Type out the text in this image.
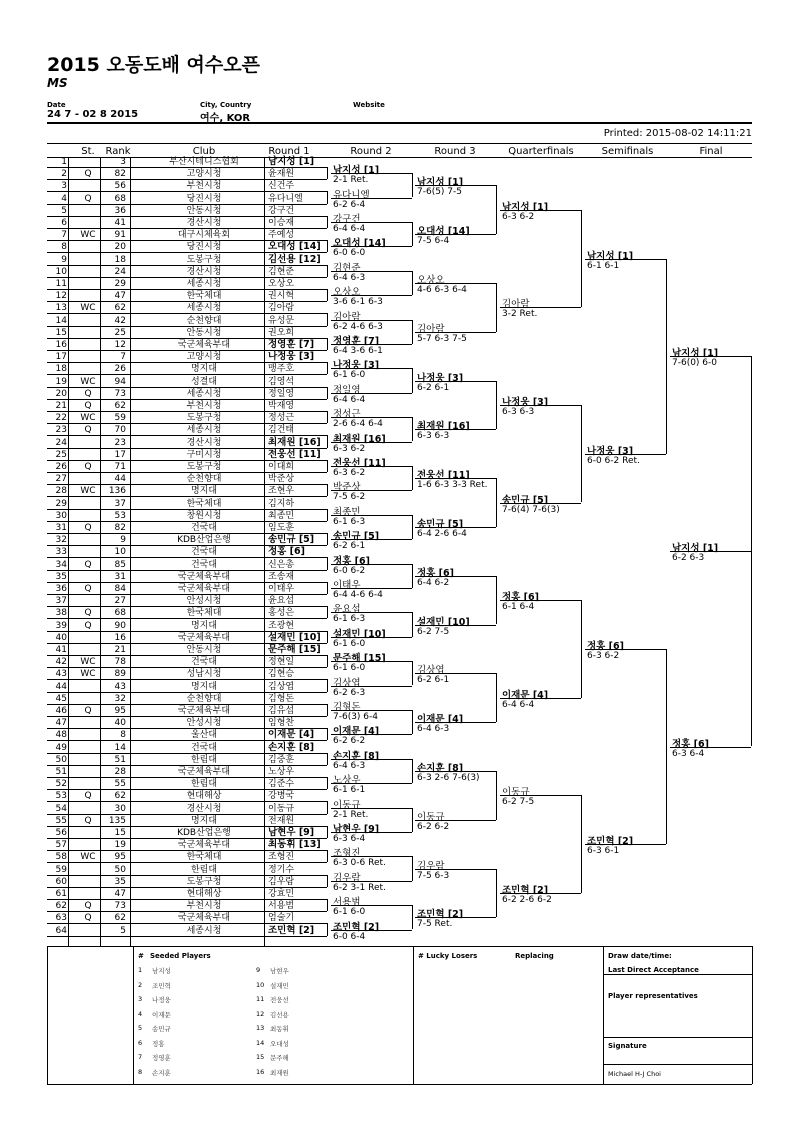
2015 오동도배 여수오픈
MS
Date
24 7 - 02 8 2015
City, Country
여수, KOR
Website
Printed: 2015-08-02 14:11:21
St.	Rank	Club	Round 1	Round 2	Round 3	Quarterfinals	Semifinals	Final
1	3	부산시테니스협회	남지성 [1]
2	Q	82	고양시청	윤재원
3	56	부천시청	신건주
4	Q	68	당진시청	유다니엘
5	36	안동시청	강구건
6	41	경산시청	이승재
7	WC	91	대구시체육회	주예성
8	20	당진시청	오대성 [14]
9	18	도봉구청	김선용 [12]
10	24	경산시청	김현준
11	29	세종시청	오상오
12	47	한국체대	권시혁
13	WC	62	세종시청	김아람
14	42	순천향대	유성문
15	25	안동시청	권오희
16	12	국군체육부대	정영훈 [7]
17	7	고양시청	나정웅 [3]
18	26	명지대	맹주호
19	WC	94	성결대	김영석
20	Q	73	세종시청	정일영
21	Q	62	부천시청	박재영
22	WC	59	도봉구청	정성근
23	Q	70	세종시청	김건태
24	23	경산시청	최재원 [16]
25	17	구미시청	전웅선 [11]
26	Q	71	도봉구청	이대희
27	44	순천향대	박준상
28	WC	136	명지대	조현우
29	37	한국체대	김지하
30	53	창원시청	최종민
31	Q	82	건국대	임도훈
32	9	KDB산업은행	송민규 [5]
33	10	건국대	정홍 [6]
34	Q	85	건국대	신은총
35	31	국군체육부대	조송재
36	Q	84	국군체육부대	이태우
37	27	안성시청	윤요섭
38	Q	68	한국체대	홍성은
39	Q	90	명지대	조광현
40	16	국군체육부대	설재민 [10]
41	21	안동시청	문주해 [15]
42	WC	78	건국대	정현일
43	WC	89	성남시청	김현승
44	43	명지대	김상엽
45	32	순천향대	김형돈
46	Q	95	국군체육부대	김유섭
47	40	안성시청	임형찬
48	8	울산대	이재문 [4]
49	14	건국대	손지훈 [8]
50	51	한림대	김중훈
51	28	국군체육부대	노상우
52	55	한림대	김준수
53	Q	62	현대해상	강병국
54	30	경산시청	이동규
55	Q	135	명지대	전재원
56	15	KDB산업은행	남현우 [9]
57	19	국군체육부대	최동휘 [13]
58	WC	95	한국체대	조형진
59	50	한림대	정기수
60	35	도봉구청	김우람
61	47	현대해상	강효민
62	Q	73	부천시청	서용범
63	Q	62	국군체육부대	엄술기
64	5	세종시청	조민혁 [2]
남지성 [1]
2-1 Ret.
유다니엘
6-2 6-4
강구건
6-4 6-4
오대성 [14]
6-0 6-0
김현준
6-4 6-3
오상오
3-6 6-1 6-3
김아람
6-2 4-6 6-3
정영훈 [7]
6-4 3-6 6-1
나정웅 [3]
6-1 6-0
정일영
6-4 6-4
정성근
2-6 6-4 6-4
최재원 [16]
6-3 6-2
전웅선 [11]
6-3 6-2
박준상
7-5 6-2
최종민
6-1 6-3
송민규 [5]
6-2 6-1
정홍 [6]
6-0 6-2
이태우
6-4 4-6 6-4
윤요섭
6-1 6-3
설재민 [10]
6-1 6-0
문주해 [15]
6-1 6-0
김상엽
6-2 6-3
김형돈
7-6(3) 6-4
이재문 [4]
6-2 6-2
손지훈 [8]
6-4 6-3
노상우
6-1 6-1
이동규
2-1 Ret.
남현우 [9]
6-3 6-4
조형진
6-3 0-6 Ret.
김우람
6-2 3-1 Ret.
서용범
6-1 6-0
조민혁 [2]
6-0 6-4
남지성 [1]
7-6(5) 7-5
오대성 [14]
7-5 6-4
오상오
4-6 6-3 6-4
김아람
5-7 6-3 7-5
나정웅 [3]
6-2 6-1
최재원 [16]
6-3 6-3
전웅선 [11]
1-6 6-3 3-3 Ret.
송민규 [5]
6-4 2-6 6-4
정홍 [6]
6-4 6-2
설재민 [10]
6-2 7-5
김상엽
6-2 6-1
이재문 [4]
6-4 6-3
손지훈 [8]
6-3 2-6 7-6(3)
이동규
6-2 6-2
김우람
7-5 6-3
조민혁 [2]
7-5 Ret.
남지성 [1]
6-3 6-2
김아람
3-2 Ret.
나정웅 [3]
6-3 6-3
송민규 [5]
7-6(4) 7-6(3)
정홍 [6]
6-1 6-4
이재문 [4]
6-4 6-4
이동규
6-2 7-5
조민혁 [2]
6-2 2-6 6-2
남지성 [1]
6-1 6-1
나정웅 [3]
6-0 6-2 Ret.
정홍 [6]
6-3 6-2
조민혁 [2]
6-3 6-1
남지성 [1]
7-6(0) 6-0
정홍 [6]
6-3 6-4
남지성 [1]
6-2 6-3
# Seeded Players
1 남지성
2 조민혁
3 나정웅
4 이재문
5 송민규
6 정홍
7 정영훈
8 손지훈
9 남현우
10 설재민
11 전웅선
12 김선용
13 최동휘
14 오대성
15 문주해
16 최재원
# Lucky Losers	Replacing	Draw date/time:
Last Direct Acceptance
Player representatives
Signature
Michael H-J Choi
